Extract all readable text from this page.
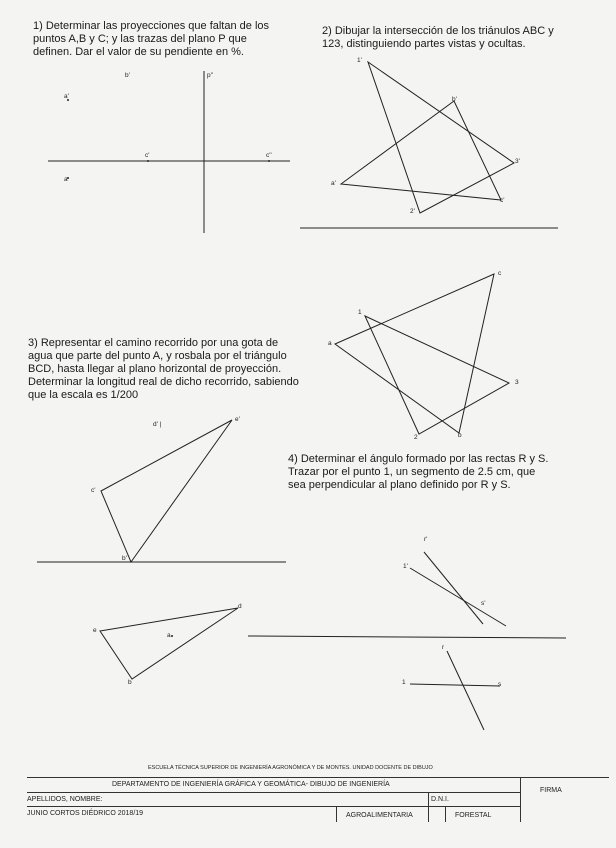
1) Determinar las proyecciones que faltan de los
puntos A,B y C; y las trazas del plano P que
definen. Dar el valor de su pendiente en %.
2) Dibujar la intersección de los triánulos ABC y
123, distinguiendo partes vistas y ocultas.
3) Representar el camino recorrido por una gota de
agua que parte del punto A, y rosbala por el triángulo
BCD, hasta llegar al plano horizontal de proyección.
Determinar la longitud real de dicho recorrido, sabiendo
que la escala es 1/200
4) Determinar el ángulo formado por las rectas R y S.
Trazar por el punto 1, un segmento de 2.5 cm, que
sea perpendicular al plano definido por R y S.
b'	p''
a'
c'	c''
a
1'
b'
3'
a'
c'
2'
c
1
a
3
2	b
d' |
e'
c'
b'
d
e
a
b
r'
1'
s'
r
1	s
ESCUELA TÉCNICA SUPERIOR DE INGENIERÍA AGRONÓMICA Y DE MONTES. UNIDAD DOCENTE DE DIBUJO
DEPARTAMENTO DE INGENIERÍA GRÁFICA Y GEOMÁTICA- DIBUJO DE INGENIERÍA
FIRMA
APELLIDOS, NOMBRE:	D.N.I.
JUNIO CORTOS DIÉDRICO 2018/19	AGROALIMENTARIA	FORESTAL
